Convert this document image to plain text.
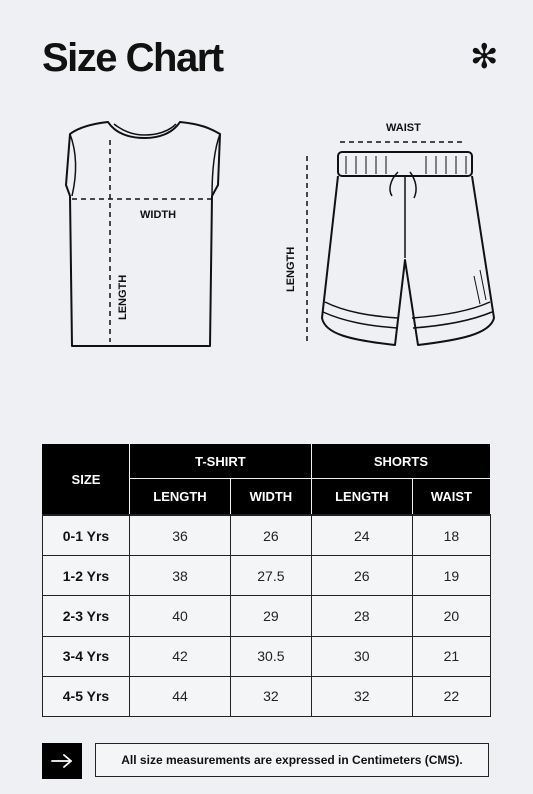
Size Chart	✻
WIDTH
LENGTH
WAIST
LENGTH
SIZE	T-SHIRT		SHORTS	
	LENGTH	WIDTH	LENGTH	WAIST
0-1 Yrs	36	26	24	18
1-2 Yrs	38	27.5	26	19
2-3 Yrs	40	29	28	20
3-4 Yrs	42	30.5	30	21
4-5 Yrs	44	32	32	22
All size measurements are expressed in Centimeters (CMS).
